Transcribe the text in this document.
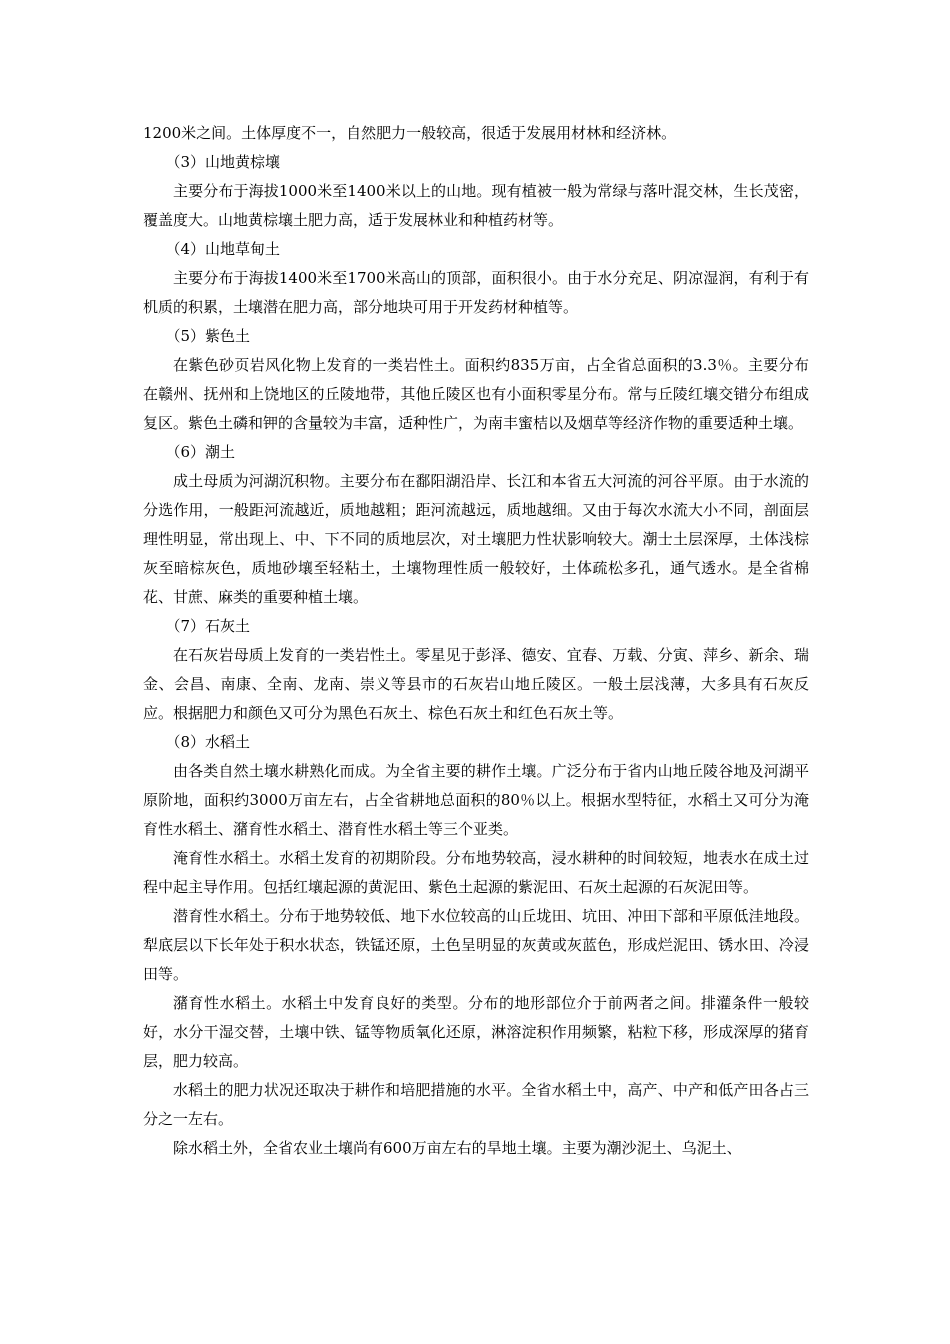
1200米之间。土体厚度不一，自然肥力一般较高，很适于发展用材林和经济林。

（3）山地黄棕壤

主要分布于海拔1000米至1400米以上的山地。现有植被一般为常绿与落叶混交林，生长茂密，覆盖度大。山地黄棕壤土肥力高，适于发展林业和种植药材等。

（4）山地草甸土

主要分布于海拔1400米至1700米高山的顶部，面积很小。由于水分充足、阴凉湿润，有利于有机质的积累，土壤潜在肥力高，部分地块可用于开发药材种植等。

（5）紫色土

在紫色砂页岩风化物上发育的一类岩性土。面积约835万亩，占全省总面积的3.3％。主要分布在赣州、抚州和上饶地区的丘陵地带，其他丘陵区也有小面积零星分布。常与丘陵红壤交错分布组成复区。紫色土磷和钾的含量较为丰富，适种性广，为南丰蜜桔以及烟草等经济作物的重要适种土壤。

（6）潮土

成土母质为河湖沉积物。主要分布在鄱阳湖沿岸、长江和本省五大河流的河谷平原。由于水流的分选作用，一般距河流越近，质地越粗；距河流越远，质地越细。又由于每次水流大小不同，剖面层理性明显，常出现上、中、下不同的质地层次，对土壤肥力性状影响较大。潮士土层深厚，土体浅棕灰至暗棕灰色，质地砂壤至轻粘土，土壤物理性质一般较好，土体疏松多孔，通气透水。是全省棉花、甘蔗、麻类的重要种植土壤。

（7）石灰土

在石灰岩母质上发育的一类岩性土。零星见于彭泽、德安、宜春、万载、分寅、萍乡、新余、瑞金、会昌、南康、全南、龙南、崇义等县市的石灰岩山地丘陵区。一般土层浅薄，大多具有石灰反应。根据肥力和颜色又可分为黑色石灰土、棕色石灰土和红色石灰土等。

（8）水稻土

由各类自然土壤水耕熟化而成。为全省主要的耕作土壤。广泛分布于省内山地丘陵谷地及河湖平原阶地，面积约3000万亩左右，占全省耕地总面积的80％以上。根据水型特征，水稻土又可分为淹育性水稻土、潴育性水稻土、潜育性水稻土等三个亚类。

淹育性水稻土。水稻土发育的初期阶段。分布地势较高，浸水耕种的时间较短，地表水在成土过程中起主导作用。包括红壤起源的黄泥田、紫色土起源的紫泥田、石灰土起源的石灰泥田等。

潜育性水稻土。分布于地势较低、地下水位较高的山丘垅田、坑田、冲田下部和平原低洼地段。犁底层以下长年处于积水状态，铁锰还原，土色呈明显的灰黄或灰蓝色，形成烂泥田、锈水田、冷浸田等。

潴育性水稻土。水稻土中发育良好的类型。分布的地形部位介于前两者之间。排灌条件一般较好，水分干湿交替，土壤中铁、锰等物质氧化还原，淋溶淀积作用频繁，粘粒下移，形成深厚的猪育层，肥力较高。

水稻土的肥力状况还取决于耕作和培肥措施的水平。全省水稻土中，高产、中产和低产田各占三分之一左右。

除水稻土外，全省农业土壤尚有600万亩左右的旱地土壤。主要为潮沙泥土、乌泥土、
